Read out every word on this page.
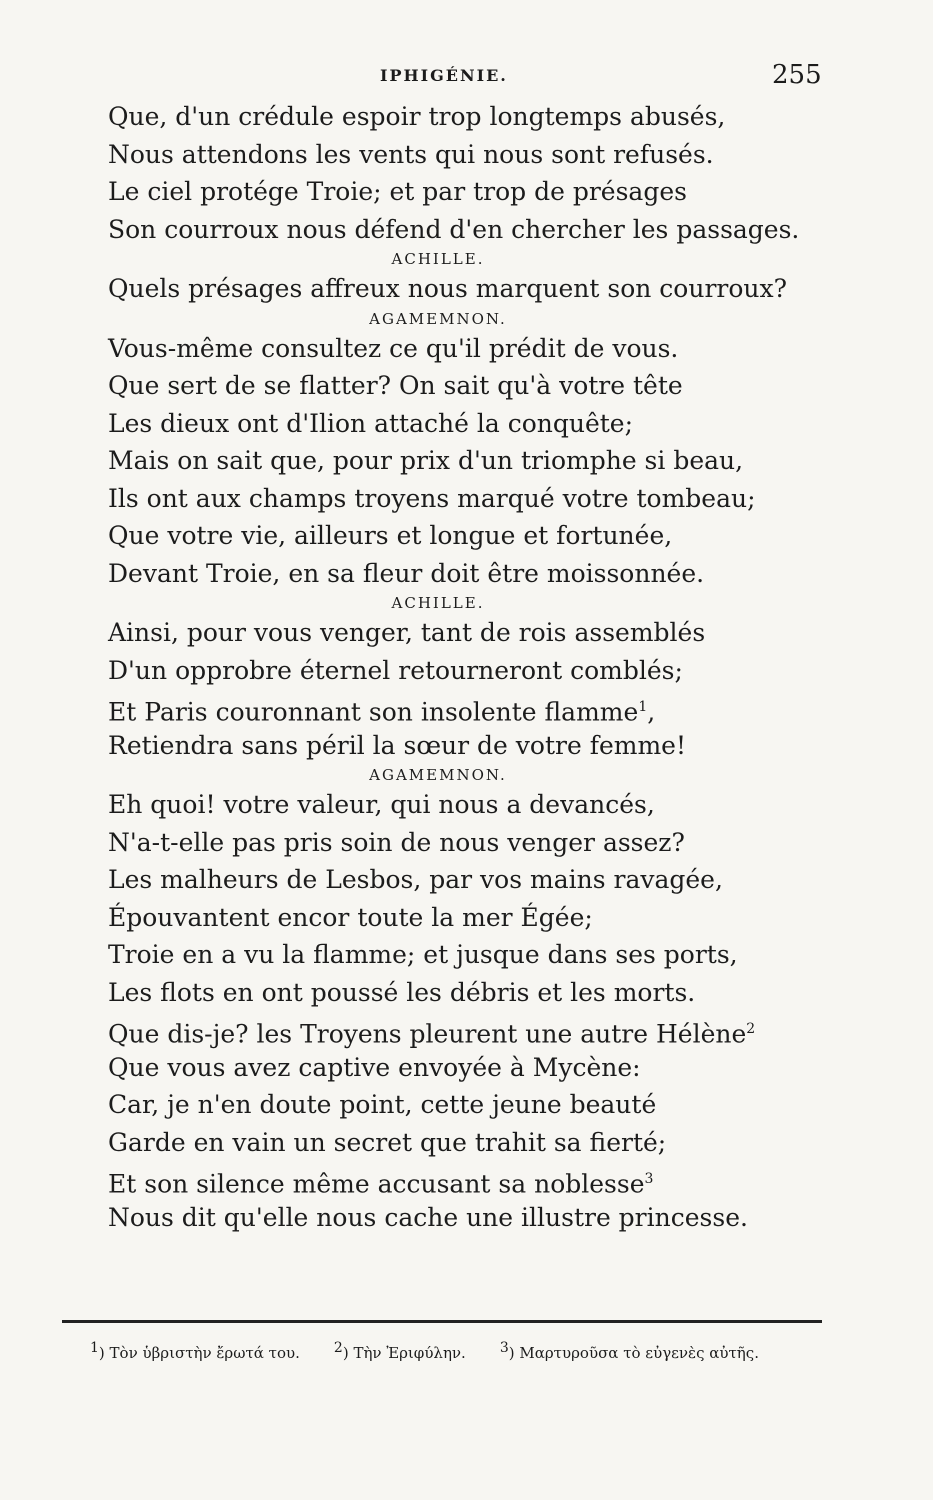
IPHIGÉNIE.	255
Que, d'un crédule espoir trop longtemps abusés,
Nous attendons les vents qui nous sont refusés.
Le ciel protége Troie; et par trop de présages
Son courroux nous défend d'en chercher les passages.
ACHILLE.
Quels présages affreux nous marquent son courroux?
AGAMEMNON.
Vous-même consultez ce qu'il prédit de vous.
Que sert de se flatter? On sait qu'à votre tête
Les dieux ont d'Ilion attaché la conquête;
Mais on sait que, pour prix d'un triomphe si beau,
Ils ont aux champs troyens marqué votre tombeau;
Que votre vie, ailleurs et longue et fortunée,
Devant Troie, en sa fleur doit être moissonnée.
ACHILLE.
Ainsi, pour vous venger, tant de rois assemblés
D'un opprobre éternel retourneront comblés;
Et Paris couronnant son insolente flamme$^1$,
Retiendra sans péril la sœur de votre femme!
AGAMEMNON.
Eh quoi! votre valeur, qui nous a devancés,
N'a-t-elle pas pris soin de nous venger assez?
Les malheurs de Lesbos, par vos mains ravagée,
Épouvantent encor toute la mer Égée;
Troie en a vu la flamme; et jusque dans ses ports,
Les flots en ont poussé les débris et les morts.
Que dis-je? les Troyens pleurent une autre Hélène$^2$
Que vous avez captive envoyée à Mycène:
Car, je n'en doute point, cette jeune beauté
Garde en vain un secret que trahit sa fierté;
Et son silence même accusant sa noblesse$^3$
Nous dit qu'elle nous cache une illustre princesse.
$^1$) Τὸν ὑβριστὴν ἔρωτά του. $^2$) Τὴν Ἐριφύλην. $^3$) Μαρτυροῦσα τὸ εὐγενὲς αὐτῆς.
